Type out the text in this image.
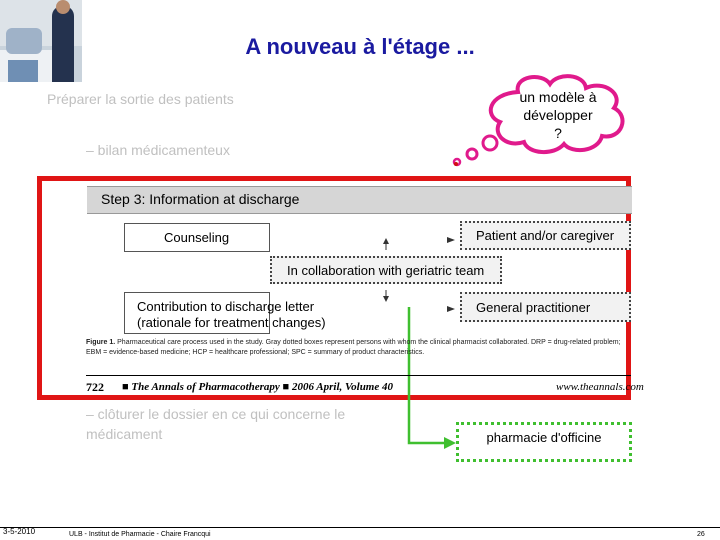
A nouveau à l'étage ...
Préparer la sortie des patients
– bilan médicamenteux
un modèle à
développer
?
Step 3: Information at discharge
Counseling	Patient and/or caregiver
In collaboration with geriatric team
Contribution to discharge letter
(rationale for treatment changes)
General practitioner
Figure 1. Pharmaceutical care process used in the study. Gray dotted boxes represent persons with whom the clinical pharmacist collaborated. DRP = drug-related problem; EBM = evidence-based medicine; HCP = healthcare professional; SPC = summary of product characteristics.
722 ■ The Annals of Pharmacotherapy ■ 2006 April, Volume 40	www.theannals.com
– clôturer le dossier en ce qui concerne le médicament	pharmacie d'officine
3-5-2010	ULB - Institut de Pharmacie - Chaire Francqui	26
